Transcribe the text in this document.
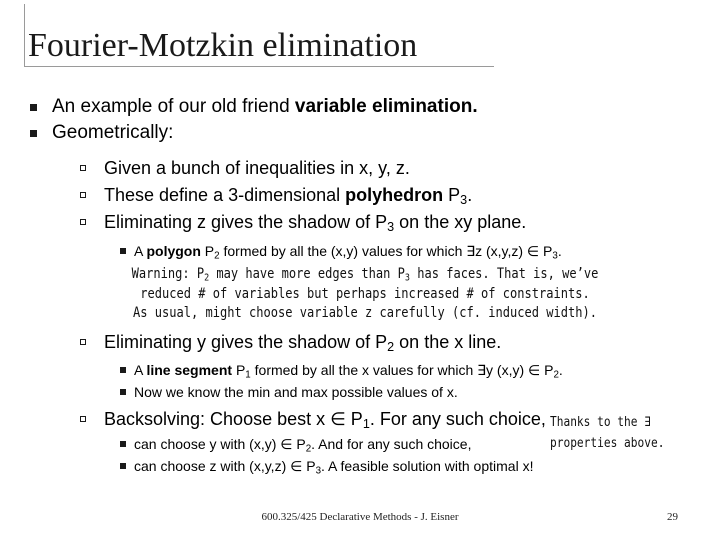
Fourier-Motzkin elimination
An example of our old friend variable elimination.
Geometrically:
Given a bunch of inequalities in x, y, z.
These define a 3-dimensional polyhedron $P_3$.
Eliminating z gives the shadow of $P_3$ on the xy plane.
A polygon $P_2$ formed by all the (x,y) values for which ∃z (x,y,z) ∈ $P_3$.
Warning: $P_2$ may have more edges than $P_3$ has faces. That is, we’ve
reduced # of variables but perhaps increased # of constraints.
As usual, might choose variable z carefully (cf. induced width).
Eliminating y gives the shadow of $P_2$ on the x line.
A line segment $P_1$ formed by all the x values for which ∃y (x,y) ∈ $P_2$.
Now we know the min and max possible values of x.
Backsolving: Choose best x ∈ $P_1$. For any such choice, Thanks to the ∃
properties above.
can choose y with (x,y) ∈ $P_2$. And for any such choice,
can choose z with (x,y,z) ∈ $P_3$. A feasible solution with optimal x!
600.325/425 Declarative Methods - J. Eisner	29
